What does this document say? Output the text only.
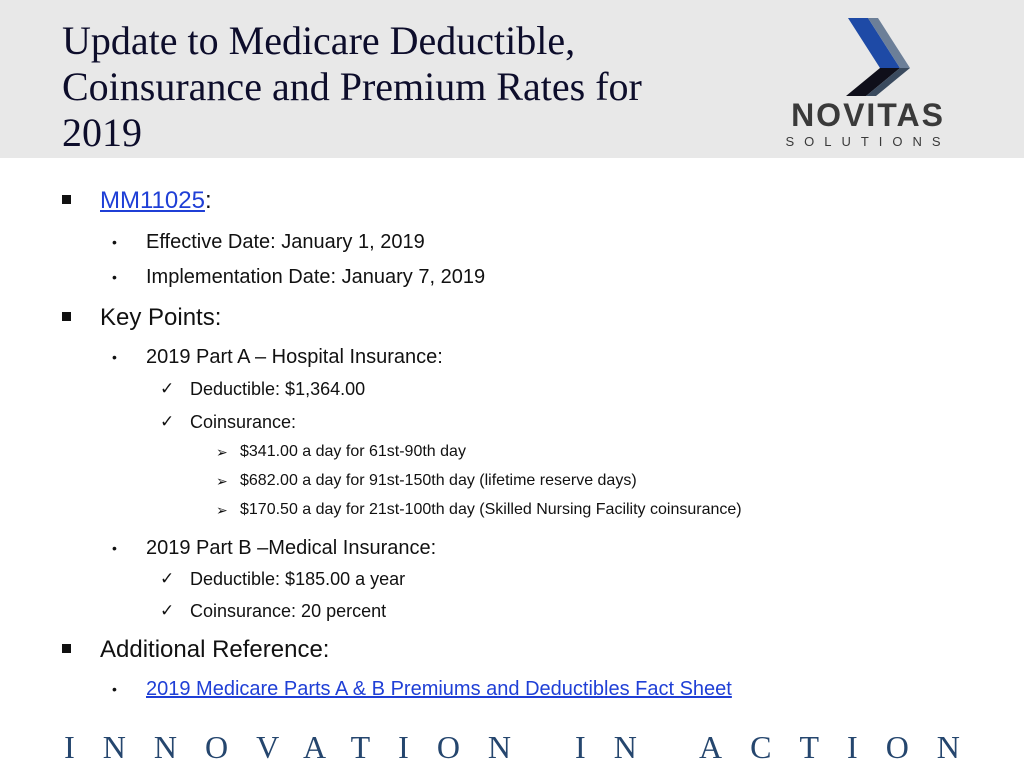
Update to Medicare Deductible, Coinsurance and Premium Rates for 2019	NOVITAS
SOLUTIONS
MM11025:
• Effective Date: January 1, 2019
• Implementation Date: January 7, 2019
Key Points:
• 2019 Part A – Hospital Insurance:
✓ Deductible: $1,364.00
✓ Coinsurance:
➢ $341.00 a day for 61st-90th day
➢ $682.00 a day for 91st-150th day (lifetime reserve days)
➢ $170.50 a day for 21st-100th day (Skilled Nursing Facility coinsurance)
• 2019 Part B –Medical Insurance:
✓ Deductible: $185.00 a year
✓ Coinsurance: 20 percent
Additional Reference:
• 2019 Medicare Parts A & B Premiums and Deductibles Fact Sheet
INNOVATION IN ACTION
